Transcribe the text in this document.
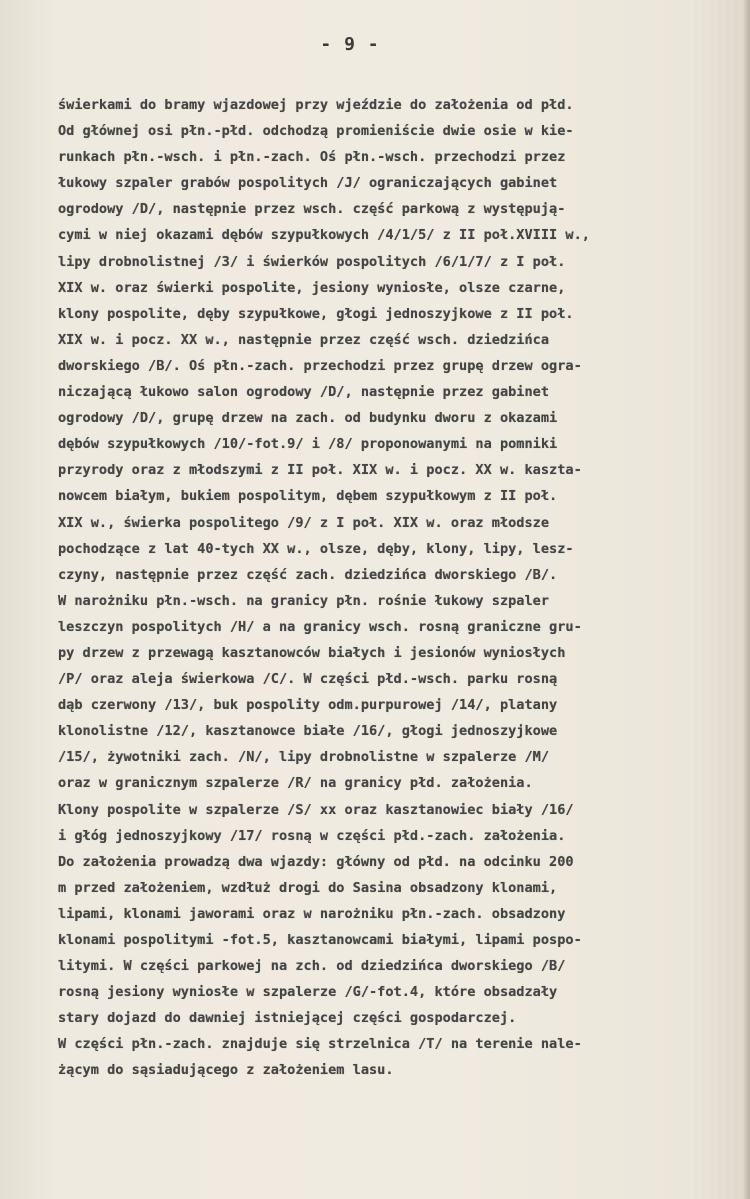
- 9 -
świerkami do bramy wjazdowej przy wjeździe do założenia od płd.
Od głównej osi płn.-płd. odchodzą promieniście dwie osie w kie-
runkach płn.-wsch. i płn.-zach. Oś płn.-wsch. przechodzi przez
łukowy szpaler grabów pospolitych /J/ ograniczających gabinet
ogrodowy /D/, następnie przez wsch. część parkową z występują-
cymi w niej okazami dębów szypułkowych /4/1/5/ z II poł.XVIII w.,
lipy drobnolistnej /3/ i świerków pospolitych /6/1/7/ z I poł.
XIX w. oraz świerki pospolite, jesiony wyniosłe, olsze czarne,
klony pospolite, dęby szypułkowe, głogi jednoszyjkowe z II poł.
XIX w. i pocz. XX w., następnie przez część wsch. dziedzińca
dworskiego /B/. Oś płn.-zach. przechodzi przez grupę drzew ogra-
niczającą łukowo salon ogrodowy /D/, następnie przez gabinet
ogrodowy /D/, grupę drzew na zach. od budynku dworu z okazami
dębów szypułkowych /10/-fot.9/ i /8/ proponowanymi na pomniki
przyrody oraz z młodszymi z II poł. XIX w. i pocz. XX w. kaszta-
nowcem białym, bukiem pospolitym, dębem szypułkowym z II poł.
XIX w., świerka pospolitego /9/ z I poł. XIX w. oraz młodsze
pochodzące z lat 40-tych XX w., olsze, dęby, klony, lipy, lesz-
czyny, następnie przez część zach. dziedzińca dworskiego /B/.
W narożniku płn.-wsch. na granicy płn. rośnie łukowy szpaler
leszczyn pospolitych /H/ a na granicy wsch. rosną graniczne gru-
py drzew z przewagą kasztanowców białych i jesionów wyniosłych
/P/ oraz aleja świerkowa /C/. W części płd.-wsch. parku rosną
dąb czerwony /13/, buk pospolity odm.purpurowej /14/, platany
klonolistne /12/, kasztanowce białe /16/, głogi jednoszyjkowe
/15/, żywotniki zach. /N/, lipy drobnolistne w szpalerze /M/
oraz w granicznym szpalerze /R/ na granicy płd. założenia.
Klony pospolite w szpalerze /S/ xx oraz kasztanowiec biały /16/
i głóg jednoszyjkowy /17/ rosną w części płd.-zach. założenia.
Do założenia prowadzą dwa wjazdy: główny od płd. na odcinku 200
m przed założeniem, wzdłuż drogi do Sasina obsadzony klonami,
lipami, klonami jaworami oraz w narożniku płn.-zach. obsadzony
klonami pospolitymi -fot.5, kasztanowcami białymi, lipami pospo-
litymi. W części parkowej na zch. od dziedzińca dworskiego /B/
rosną jesiony wyniosłe w szpalerze /G/-fot.4, które obsadzały
stary dojazd do dawniej istniejącej części gospodarczej.
W części płn.-zach. znajduje się strzelnica /T/ na terenie nale-
żącym do sąsiadującego z założeniem lasu.
